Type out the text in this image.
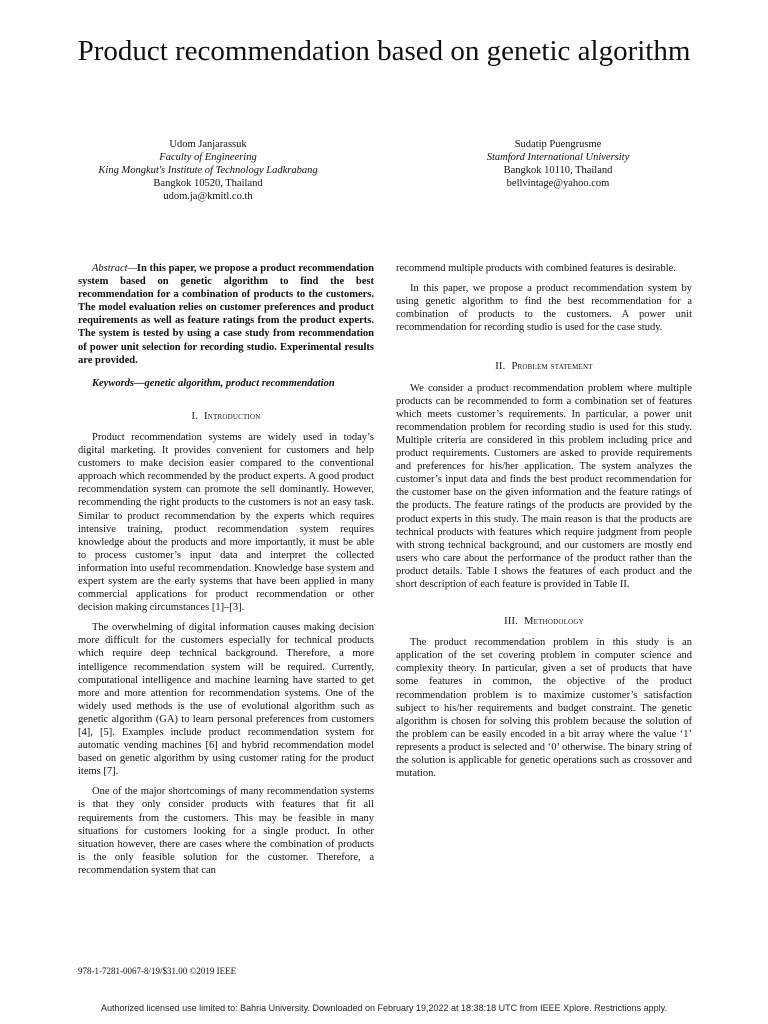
Product recommendation based on genetic algorithm
Udom Janjarassuk
Faculty of Engineering
King Mongkut's Institute of Technology Ladkrabang
Bangkok 10520, Thailand
udom.ja@kmitl.co.th
Sudatip Puengrusme
Stamford International University
Bangkok 10110, Thailand
bellvintage@yahoo.com

Abstract—In this paper, we propose a product recommendation system based on genetic algorithm to find the best recommendation for a combination of products to the customers. The model evaluation relies on customer preferences and product requirements as well as feature ratings from the product experts. The system is tested by using a case study from recommendation of power unit selection for recording studio. Experimental results are provided.

Keywords—genetic algorithm, product recommendation

I. Introduction

Product recommendation systems are widely used in today’s digital marketing. It provides convenient for customers and help customers to make decision easier compared to the conventional approach which recommended by the product experts. A good product recommendation system can promote the sell dominantly. However, recommending the right products to the customers is not an easy task. Similar to product recommendation by the experts which requires intensive training, product recommendation system requires knowledge about the products and more importantly, it must be able to process customer’s input data and interpret the collected information into useful recommendation. Knowledge base system and expert system are the early systems that have been applied in many commercial applications for product recommendation or other decision making circumstances [1]–[3].

The overwhelming of digital information causes making decision more difficult for the customers especially for technical products which require deep technical background. Therefore, a more intelligence recommendation system will be required. Currently, computational intelligence and machine learning have started to get more and more attention for recommendation systems. One of the widely used methods is the use of evolutional algorithm such as genetic algorithm (GA) to learn personal preferences from customers [4], [5]. Examples include product recommendation system for automatic vending machines [6] and hybrid recommendation model based on genetic algorithm by using customer rating for the product items [7].

One of the major shortcomings of many recommendation systems is that they only consider products with features that fit all requirements from the customers. This may be feasible in many situations for customers looking for a single product. In other situation however, there are cases where the combination of products is the only feasible solution for the customer. Therefore, a recommendation system that can

recommend multiple products with combined features is desirable.

In this paper, we propose a product recommendation system by using genetic algorithm to find the best recommendation for a combination of products to the customers. A power unit recommendation for recording studio is used for the case study.

II. Problem statement

We consider a product recommendation problem where multiple products can be recommended to form a combination set of features which meets customer’s requirements. In particular, a power unit recommendation problem for recording studio is used for this study. Multiple criteria are considered in this problem including price and product requirements. Customers are asked to provide requirements and preferences for his/her application. The system analyzes the customer’s input data and finds the best product recommendation for the customer base on the given information and the feature ratings of the products. The feature ratings of the products are provided by the product experts in this study. The main reason is that the products are technical products with features which require judgment from people with strong technical background, and our customers are mostly end users who care about the performance of the product rather than the product details. Table I shows the features of each product and the short description of each feature is provided in Table II.

III. Methodology

The product recommendation problem in this study is an application of the set covering problem in computer science and complexity theory. In particular, given a set of products that have some features in common, the objective of the product recommendation problem is to maximize customer’s satisfaction subject to his/her requirements and budget constraint. The genetic algorithm is chosen for solving this problem because the solution of the problem can be easily encoded in a bit array where the value ‘1’ represents a product is selected and ‘0’ otherwise. The binary string of the solution is applicable for genetic operations such as crossover and mutation.

978-1-7281-0067-8/19/$31.00 ©2019 IEEE
Authorized licensed use limited to: Bahria University. Downloaded on February 19,2022 at 18:38:18 UTC from IEEE Xplore. Restrictions apply.
